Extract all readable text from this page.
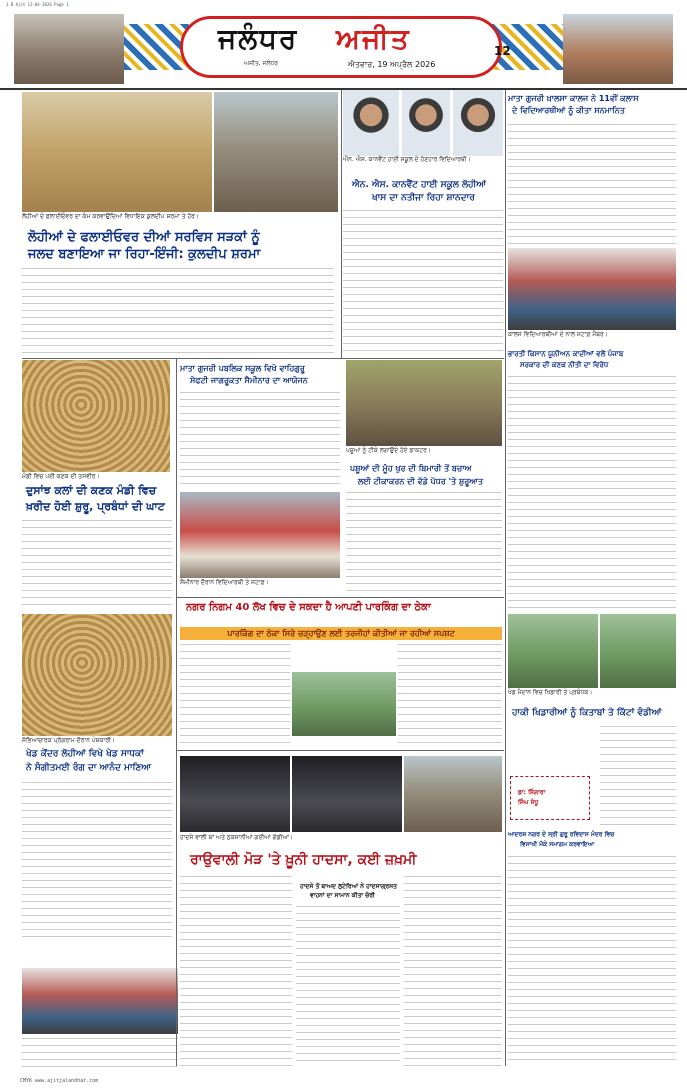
1 B Ajit 13-04-2026 Page 1
ਜਲੰਧਰ ਅਜੀਤ
ਅਜੀਤ, ਜਲੰਧਰ	ਐਤਵਾਰ, 19 ਅਪ੍ਰੈਲ 2026
12
ਲੋਹੀਆਂ ਦੇ ਫਲਾਈਓਵਰ ਦਾ ਕੰਮ ਕਰਵਾਉਂਦਿਆਂ ਵਿਧਾਇਕ ਕੁਲਦੀਪ ਸ਼ਰਮਾ ਤੇ ਹੋਰ।
ਲੋਹੀਆਂ ਦੇ ਫਲਾਈਓਵਰ ਦੀਆਂ ਸਰਵਿਸ ਸੜਕਾਂ ਨੂੰ
ਜਲਦ ਬਣਾਇਆ ਜਾ ਰਿਹਾ-ਇੰਜੀ: ਕੁਲਦੀਪ ਸ਼ਰਮਾ
ਐਨ. ਐਸ. ਕਾਨਵੈਂਟ ਹਾਈ ਸਕੂਲ ਦੇ ਹੋਣਹਾਰ ਵਿਦਿਆਰਥੀ।
ਐਨ. ਐਸ. ਕਾਨਵੈਂਟ ਹਾਈ ਸਕੂਲ ਲੋਹੀਆਂ
ਖਾਸ ਦਾ ਨਤੀਜਾ ਰਿਹਾ ਸ਼ਾਨਦਾਰ
ਮਾਤਾ ਗੁਜਰੀ ਖ਼ਾਲਸਾ ਕਾਲਜ ਨੇ 11ਵੀਂ ਕਲਾਸ
ਦੇ ਵਿਦਿਆਰਥੀਆਂ ਨੂੰ ਕੀਤਾ ਸਨਮਾਨਿਤ
ਕਾਲਜ ਵਿਦਿਆਰਥੀਆਂ ਦੇ ਨਾਲ ਸਟਾਫ਼ ਮੈਂਬਰ।
ਮੰਡੀ ਵਿਚ ਪਈ ਕਣਕ ਦੀ ਤਸਵੀਰ।
ਦੁਸਾਂਝ ਕਲਾਂ ਦੀ ਕਣਕ ਮੰਡੀ ਵਿਚ
ਖ਼ਰੀਦ ਹੋਈ ਸ਼ੁਰੂ, ਪ੍ਰਬੰਧਾਂ ਦੀ ਘਾਟ
ਮਾਤਾ ਗੁਜਰੀ ਪਬਲਿਕ ਸਕੂਲ ਵਿਖੇ ਵਾਹਿਗੁਰੂ
ਸੇਫਟੀ ਜਾਗਰੂਕਤਾ ਸੈਮੀਨਾਰ ਦਾ ਆਯੋਜਨ
ਸੈਮੀਨਾਰ ਦੌਰਾਨ ਵਿਦਿਆਰਥੀ ਤੇ ਸਟਾਫ਼।
ਪਸ਼ੂਆਂ ਨੂੰ ਟੀਕੇ ਲਗਾਉਂਦੇ ਹੋਏ ਡਾਕਟਰ।
ਪਸ਼ੂਆਂ ਦੀ ਮੂੰਹ ਖੁਰ ਦੀ ਬਿਮਾਰੀ ਤੋਂ ਬਚਾਅ
ਲਈ ਟੀਕਾਕਰਨ ਦੀ ਵੱਡੇ ਪੱਧਰ 'ਤੇ ਸ਼ੁਰੂਆਤ
ਭਾਰਤੀ ਕਿਸਾਨ ਯੂਨੀਅਨ ਕਾਦੀਆਂ ਵਲੋਂ ਪੰਜਾਬ
ਸਰਕਾਰ ਦੀ ਕਣਕ ਨੀਤੀ ਦਾ ਵਿਰੋਧ
ਨਗਰ ਨਿਗਮ 40 ਲੱਖ ਵਿਚ ਦੇ ਸਕਦਾ ਹੈ ਆਪਣੀ ਪਾਰਕਿੰਗ ਦਾ ਠੇਕਾ
ਪਾਰਕਿੰਗ ਦਾ ਠੇਕਾ ਸਿਰੇ ਚੜ੍ਹਾਉਣ ਲਈ ਤਰਜੀਹਾਂ ਕੀਤੀਆਂ ਜਾ ਰਹੀਆਂ ਸਪਸ਼ਟ
ਖੇਡ ਮੈਦਾਨ ਵਿਚ ਖਿਡਾਰੀ ਤੇ ਪ੍ਰਬੰਧਕ।
ਹਾਕੀ ਖਿਡਾਰੀਆਂ ਨੂੰ ਕਿਤਾਬਾਂ ਤੇ ਕਿੱਟਾਂ ਵੰਡੀਆਂ
ਸੱਭਿਆਚਾਰਕ ਪ੍ਰੋਗਰਾਮ ਦੌਰਾਨ ਪੇਸ਼ਕਾਰੀ।
ਖੇਡ ਕੇਂਦਰ ਲੋਹੀਆਂ ਵਿਖੇ ਖੇਡ ਸਾਧਕਾਂ
ਨੇ ਸੰਗੀਤਮਈ ਰੰਗ ਦਾ ਆਨੰਦ ਮਾਣਿਆ
ਹਾਦਸੇ ਵਾਲੀ ਥਾਂ ਅਤੇ ਨੁਕਸਾਨੀਆਂ ਗਈਆਂ ਗੱਡੀਆਂ।
ਰਾਉਵਾਲੀ ਮੋੜ 'ਤੇ ਖ਼ੂਨੀ ਹਾਦਸਾ, ਕਈ ਜ਼ਖ਼ਮੀ
ਹਾਦਸੇ ਤੋਂ ਬਾਅਦ ਲੁਟੇਰਿਆਂ ਨੇ ਹਾਦਸਾਗ੍ਰਸਤ
ਵਾਹਨਾਂ ਦਾ ਸਾਮਾਨ ਕੀਤਾ ਚੋਰੀ
ਡਾ: ਸ਼ਿੰਗਾਰਾ
ਸਿੰਘ ਸੰਧੂ
ਆਦਰਸ਼ ਨਗਰ ਦੇ ਸ੍ਰੀ ਗੁਰੂ ਰਵਿਦਾਸ ਮੰਦਰ ਵਿਚ
ਵਿਸਾਖੀ ਮੌਕੇ ਸਮਾਗਮ ਕਰਵਾਇਆ
CMYK www.ajitjalandhar.com
